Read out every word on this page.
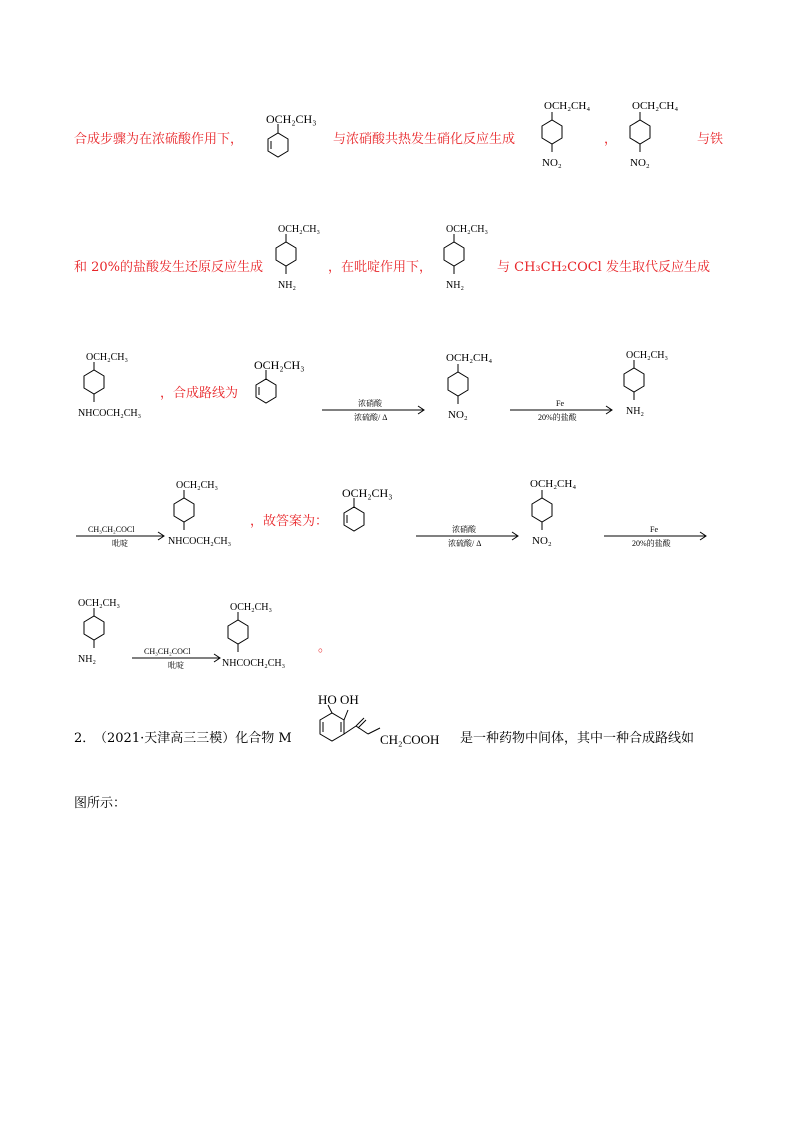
合成步骤为在浓硫酸作用下，
OCH₂CH₃
与浓硝酸共热发生硝化反应生成
OCH₂CH₄
NO₂
，
OCH₂CH₄
NO₂
与铁
和 20%的盐酸发生还原反应生成
OCH₂CH₃
NH₂
，在吡啶作用下，
OCH₂CH₃
NH₂
与 CH₃CH₂COCl 发生取代反应生成
OCH₂CH₃
NHCOCH₂CH₃
，合成路线为
OCH₂CH₃
浓硝酸
浓硫酸/ Δ
OCH₂CH₄
NO₂
Fe
20%的盐酸
OCH₂CH₃
NH₂
CH₃CH₂COCl
吡啶
OCH₂CH₃
NHCOCH₂CH₃
，故答案为：
OCH₂CH₃
浓硝酸
浓硫酸/ Δ
OCH₂CH₄
NO₂
Fe
20%的盐酸
OCH₂CH₃
NH₂
CH₃CH₂COCl
吡啶
OCH₂CH₃
NHCOCH₂CH₃
。
2．
（2021·天津高三三模）化合物 M
HO OH
CH₂COOH 是一种药物中间体，其中一种合成路线如
图所示：
